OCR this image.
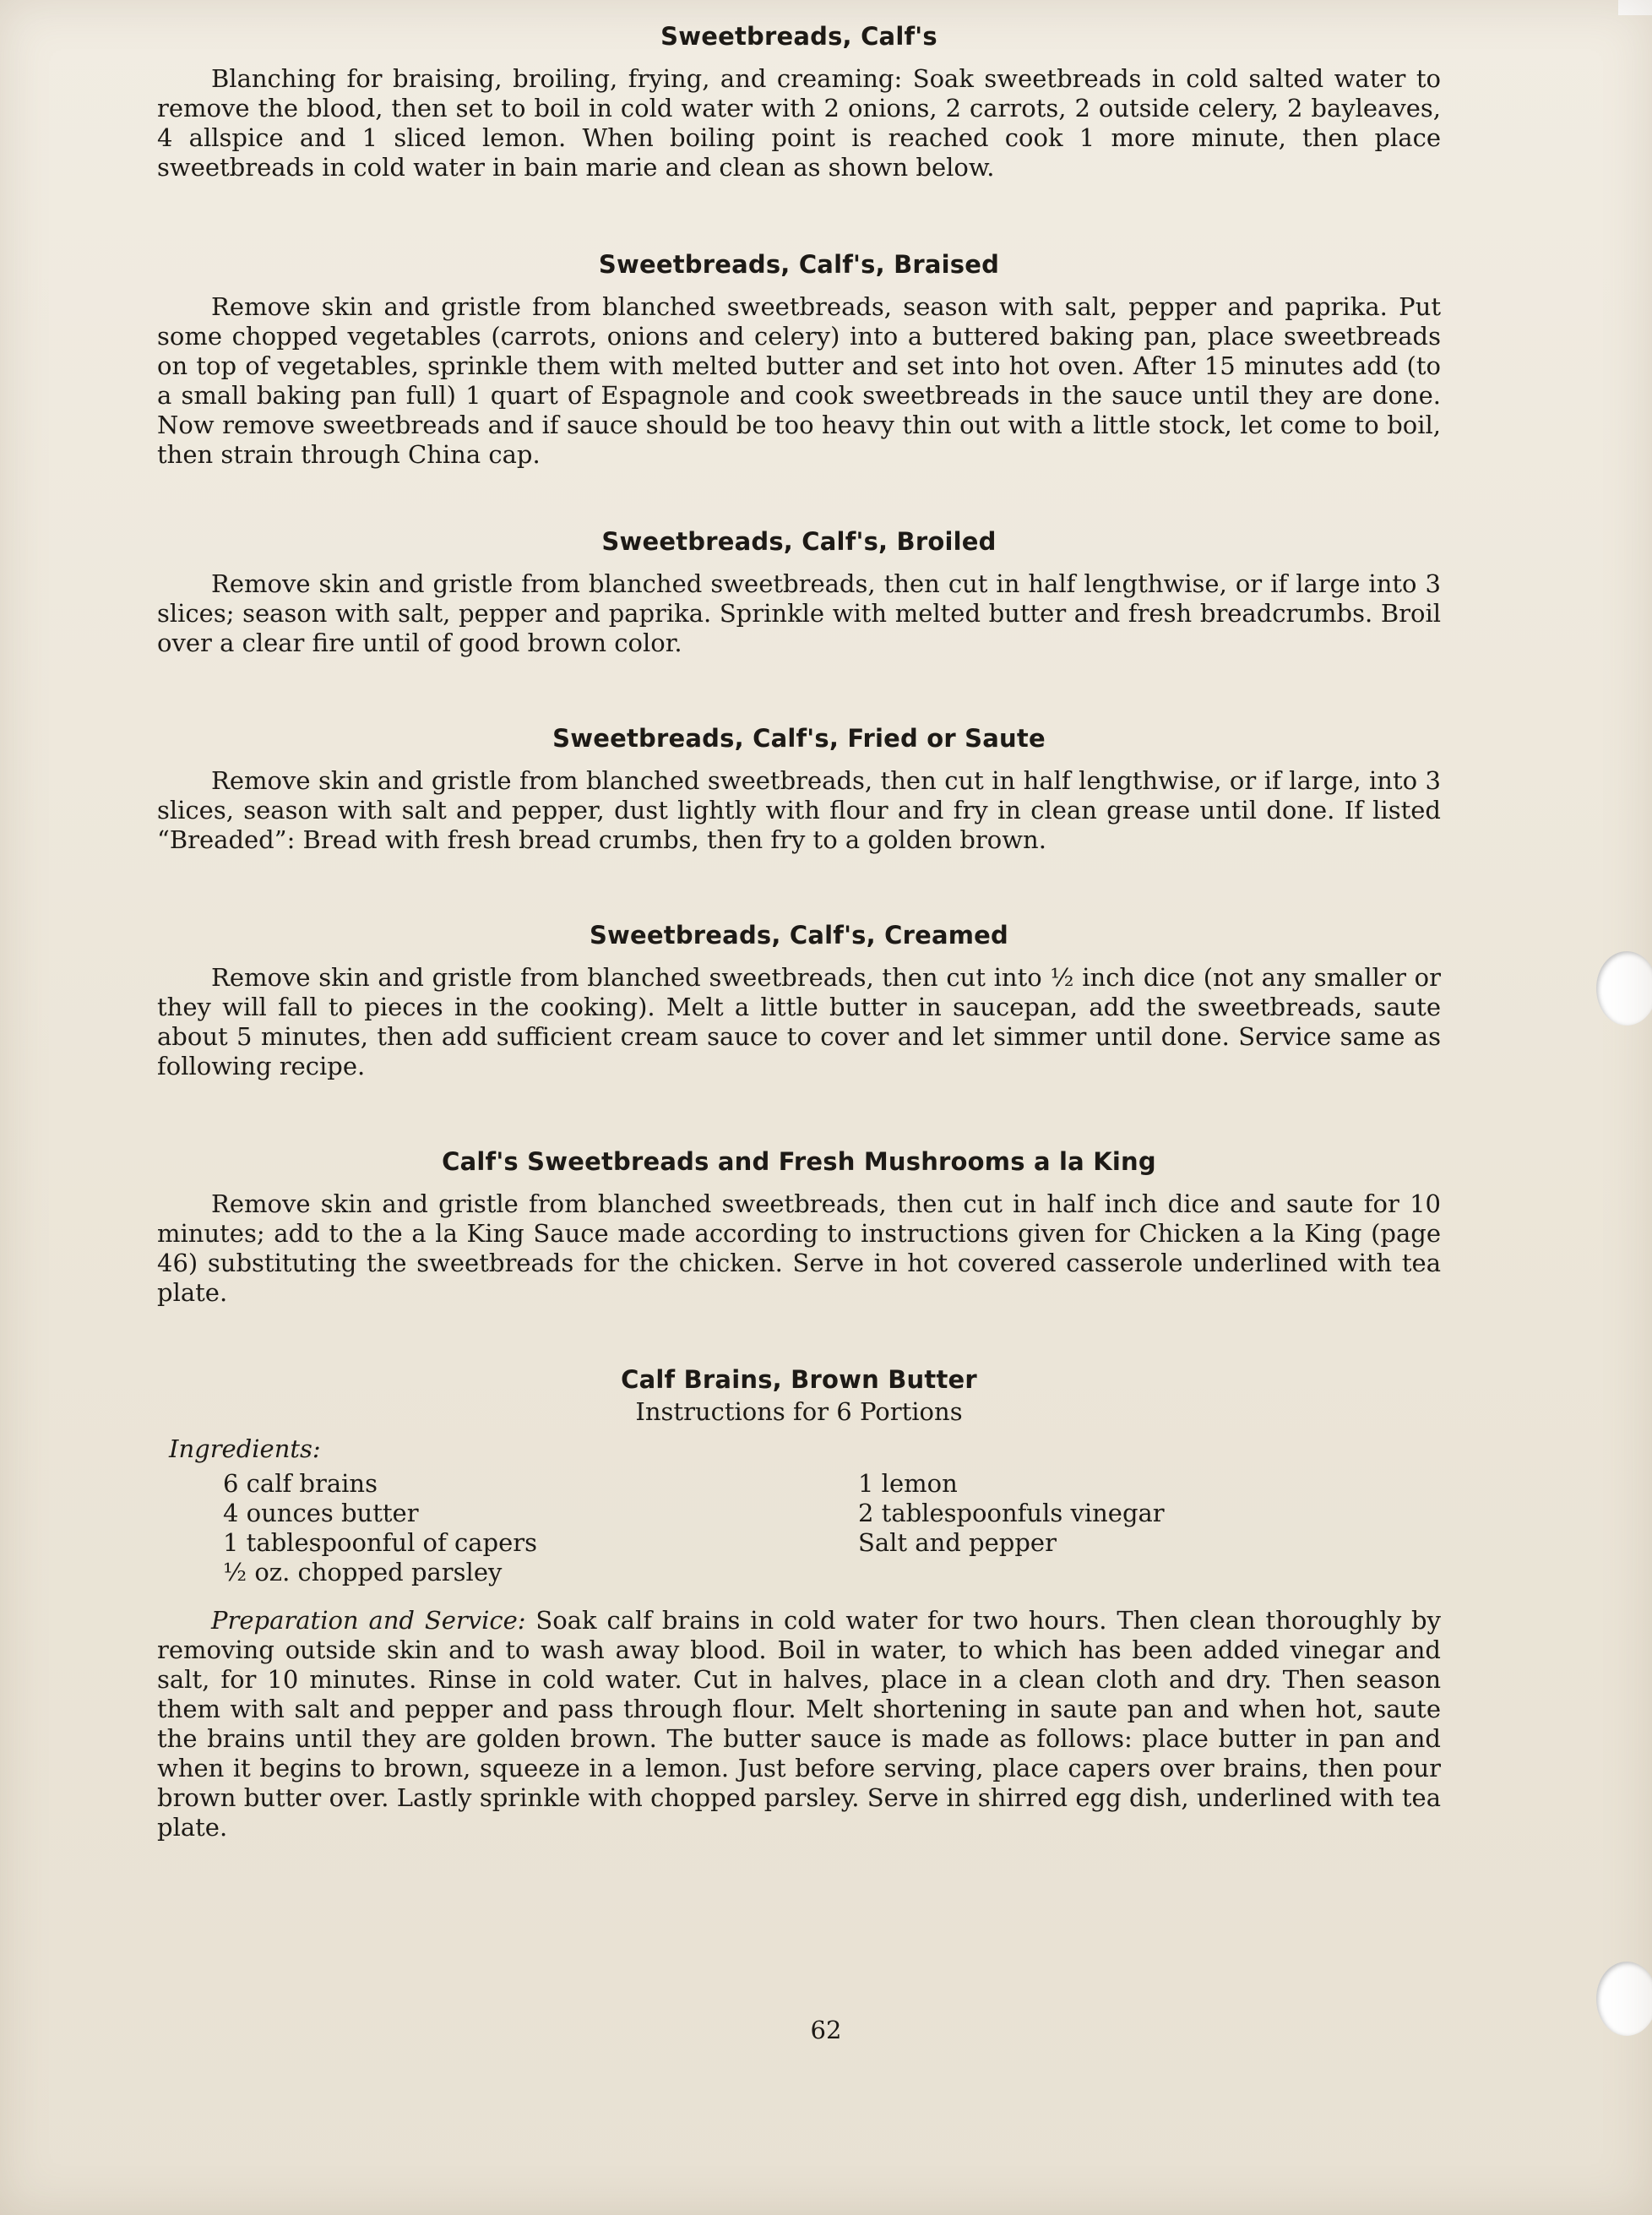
Sweetbreads, Calf's

Blanching for braising, broiling, frying, and creaming: Soak sweetbreads in cold salted water to remove the blood, then set to boil in cold water with 2 onions, 2 carrots, 2 outside celery, 2 bayleaves, 4 allspice and 1 sliced lemon. When boiling point is reached cook 1 more minute, then place sweetbreads in cold water in bain marie and clean as shown below.

Sweetbreads, Calf's, Braised

Remove skin and gristle from blanched sweetbreads, season with salt, pepper and paprika. Put some chopped vegetables (carrots, onions and celery) into a buttered baking pan, place sweetbreads on top of vegetables, sprinkle them with melted butter and set into hot oven. After 15 minutes add (to a small baking pan full) 1 quart of Espagnole and cook sweetbreads in the sauce until they are done. Now remove sweetbreads and if sauce should be too heavy thin out with a little stock, let come to boil, then strain through China cap.

Sweetbreads, Calf's, Broiled

Remove skin and gristle from blanched sweetbreads, then cut in half lengthwise, or if large into 3 slices; season with salt, pepper and paprika. Sprinkle with melted butter and fresh breadcrumbs. Broil over a clear fire until of good brown color.

Sweetbreads, Calf's, Fried or Saute

Remove skin and gristle from blanched sweetbreads, then cut in half lengthwise, or if large, into 3 slices, season with salt and pepper, dust lightly with flour and fry in clean grease until done. If listed “Breaded”: Bread with fresh bread crumbs, then fry to a golden brown.

Sweetbreads, Calf's, Creamed

Remove skin and gristle from blanched sweetbreads, then cut into ½ inch dice (not any smaller or they will fall to pieces in the cooking). Melt a little butter in saucepan, add the sweetbreads, saute about 5 minutes, then add sufficient cream sauce to cover and let simmer until done. Service same as following recipe.

Calf's Sweetbreads and Fresh Mushrooms a la King

Remove skin and gristle from blanched sweetbreads, then cut in half inch dice and saute for 10 minutes; add to the a la King Sauce made according to instructions given for Chicken a la King (page 46) substituting the sweetbreads for the chicken. Serve in hot covered casserole underlined with tea plate.

Calf Brains, Brown Butter

Instructions for 6 Portions

Ingredients:

6 calf brains
4 ounces butter
1 tablespoonful of capers
½ oz. chopped parsley
1 lemon
2 tablespoonfuls vinegar
Salt and pepper

Preparation and Service: Soak calf brains in cold water for two hours. Then clean thoroughly by removing outside skin and to wash away blood. Boil in water, to which has been added vinegar and salt, for 10 minutes. Rinse in cold water. Cut in halves, place in a clean cloth and dry. Then season them with salt and pepper and pass through flour. Melt shortening in saute pan and when hot, saute the brains until they are golden brown. The butter sauce is made as follows: place butter in pan and when it begins to brown, squeeze in a lemon. Just before serving, place capers over brains, then pour brown butter over. Lastly sprinkle with chopped parsley. Serve in shirred egg dish, underlined with tea plate.

62
